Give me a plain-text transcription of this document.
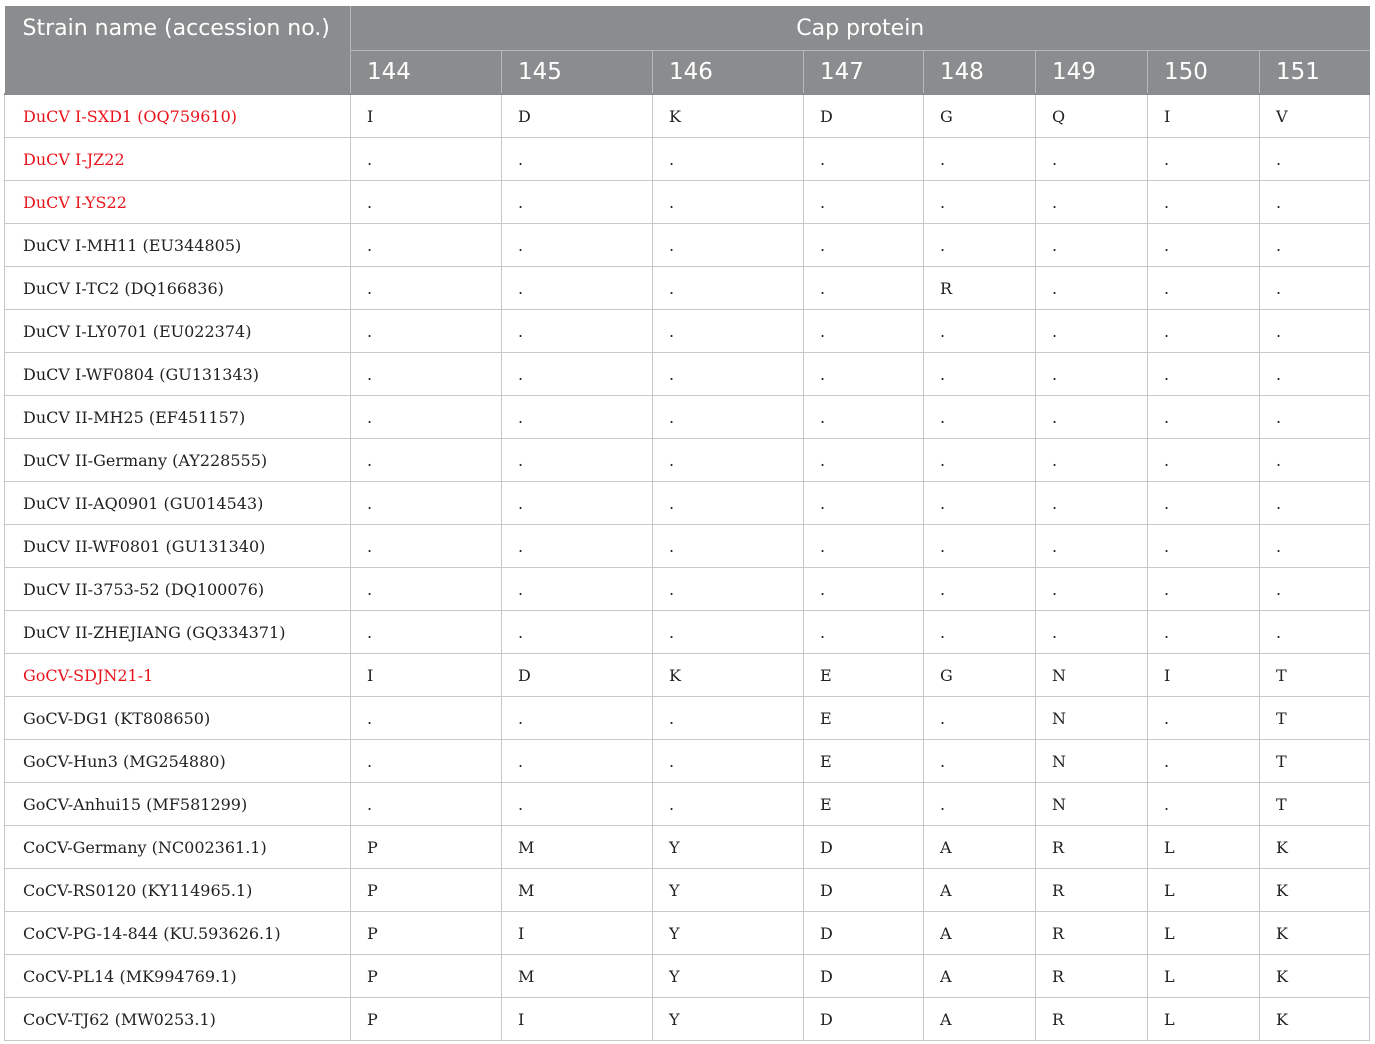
Strain name (accession no.)	Cap protein							
	144	145	146	147	148	149	150	151
DuCV I-SXD1 (OQ759610)	I	D	K	D	G	Q	I	V
DuCV I-JZ22	.	.	.	.	.	.	.	.
DuCV I-YS22	.	.	.	.	.	.	.	.
DuCV I-MH11 (EU344805)	.	.	.	.	.	.	.	.
DuCV I-TC2 (DQ166836)	.	.	.	.	R	.	.	.
DuCV I-LY0701 (EU022374)	.	.	.	.	.	.	.	.
DuCV I-WF0804 (GU131343)	.	.	.	.	.	.	.	.
DuCV II-MH25 (EF451157)	.	.	.	.	.	.	.	.
DuCV II-Germany (AY228555)	.	.	.	.	.	.	.	.
DuCV II-AQ0901 (GU014543)	.	.	.	.	.	.	.	.
DuCV II-WF0801 (GU131340)	.	.	.	.	.	.	.	.
DuCV II-3753-52 (DQ100076)	.	.	.	.	.	.	.	.
DuCV II-ZHEJIANG (GQ334371)	.	.	.	.	.	.	.	.
GoCV-SDJN21-1	I	D	K	E	G	N	I	T
GoCV-DG1 (KT808650)	.	.	.	E	.	N	.	T
GoCV-Hun3 (MG254880)	.	.	.	E	.	N	.	T
GoCV-Anhui15 (MF581299)	.	.	.	E	.	N	.	T
CoCV-Germany (NC002361.1)	P	M	Y	D	A	R	L	K
CoCV-RS0120 (KY114965.1)	P	M	Y	D	A	R	L	K
CoCV-PG-14-844 (KU.593626.1)	P	I	Y	D	A	R	L	K
CoCV-PL14 (MK994769.1)	P	M	Y	D	A	R	L	K
CoCV-TJ62 (MW0253.1)	P	I	Y	D	A	R	L	K
